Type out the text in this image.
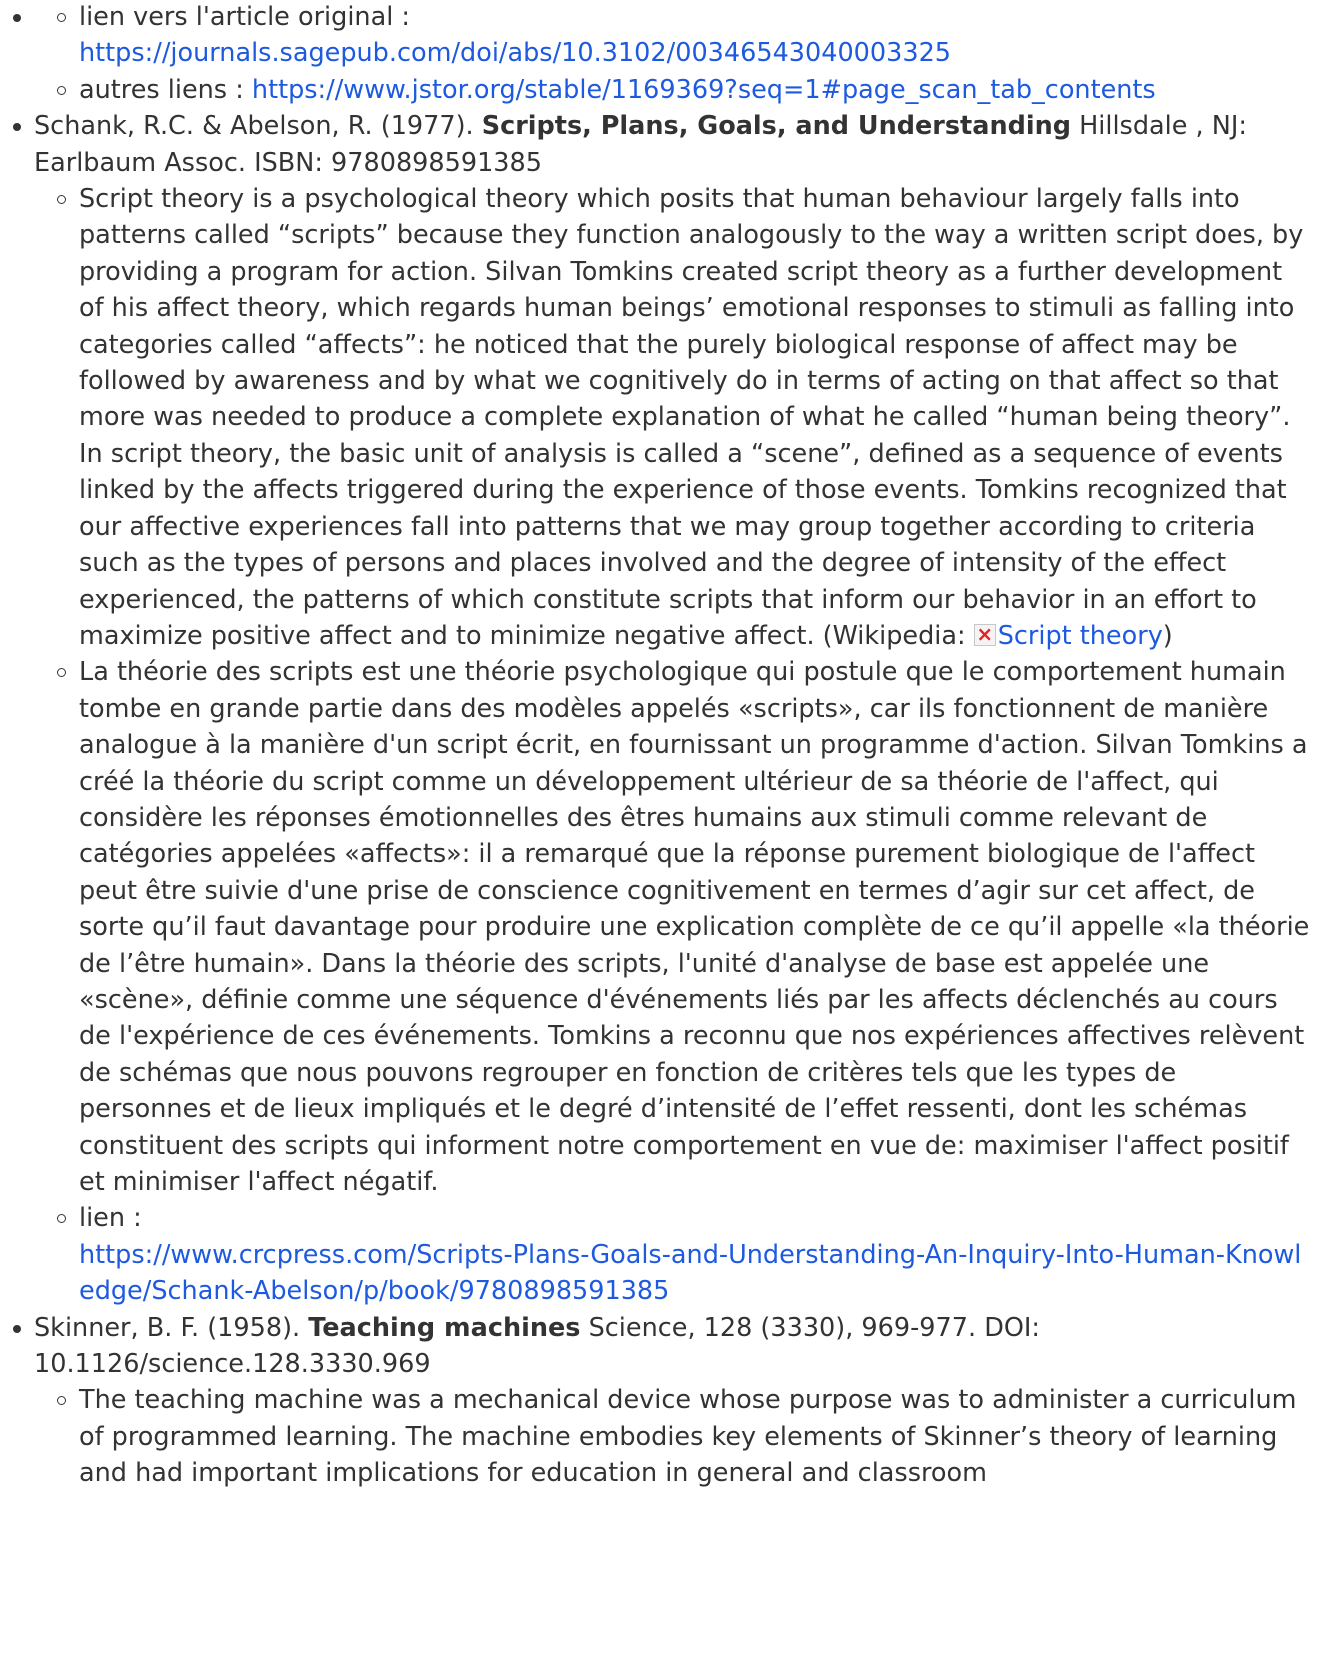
lien vers l'article original :
https://journals.sagepub.com/doi/abs/10.3102/00346543040003325
autres liens : https://www.jstor.org/stable/1169369?seq=1#page_scan_tab_contents
Schank, R.C. & Abelson, R. (1977). Scripts, Plans, Goals, and Understanding Hillsdale , NJ: Earlbaum Assoc. ISBN: 9780898591385
Script theory is a psychological theory which posits that human behaviour largely falls into patterns called “scripts” because they function analogously to the way a written script does, by providing a program for action. Silvan Tomkins created script theory as a further development of his affect theory, which regards human beings’ emotional responses to stimuli as falling into categories called “affects”: he noticed that the purely biological response of affect may be followed by awareness and by what we cognitively do in terms of acting on that affect so that more was needed to produce a complete explanation of what he called “human being theory”. In script theory, the basic unit of analysis is called a “scene”, defined as a sequence of events linked by the affects triggered during the experience of those events. Tomkins recognized that our affective experiences fall into patterns that we may group together according to criteria such as the types of persons and places involved and the degree of intensity of the effect experienced, the patterns of which constitute scripts that inform our behavior in an effort to maximize positive affect and to minimize negative affect. (Wikipedia: × Script theory)
La théorie des scripts est une théorie psychologique qui postule que le comportement humain tombe en grande partie dans des modèles appelés «scripts», car ils fonctionnent de manière analogue à la manière d'un script écrit, en fournissant un programme d'action. Silvan Tomkins a créé la théorie du script comme un développement ultérieur de sa théorie de l'affect, qui considère les réponses émotionnelles des êtres humains aux stimuli comme relevant de catégories appelées «affects»: il a remarqué que la réponse purement biologique de l'affect peut être suivie d'une prise de conscience cognitivement en termes d’agir sur cet affect, de sorte qu’il faut davantage pour produire une explication complète de ce qu’il appelle «la théorie de l’être humain». Dans la théorie des scripts, l'unité d'analyse de base est appelée une «scène», définie comme une séquence d'événements liés par les affects déclenchés au cours de l'expérience de ces événements. Tomkins a reconnu que nos expériences affectives relèvent de schémas que nous pouvons regrouper en fonction de critères tels que les types de personnes et de lieux impliqués et le degré d’intensité de l’effet ressenti, dont les schémas constituent des scripts qui informent notre comportement en vue de: maximiser l'affect positif et minimiser l'affect négatif.
lien :
https://www.crcpress.com/Scripts-Plans-Goals-and-Understanding-An-Inquiry-Into-Human-Knowledge/Schank-Abelson/p/book/9780898591385
Skinner, B. F. (1958). Teaching machines Science, 128 (3330), 969-977. DOI: 10.1126/science.128.3330.969
The teaching machine was a mechanical device whose purpose was to administer a curriculum of programmed learning. The machine embodies key elements of Skinner’s theory of learning and had important implications for education in general and classroom
